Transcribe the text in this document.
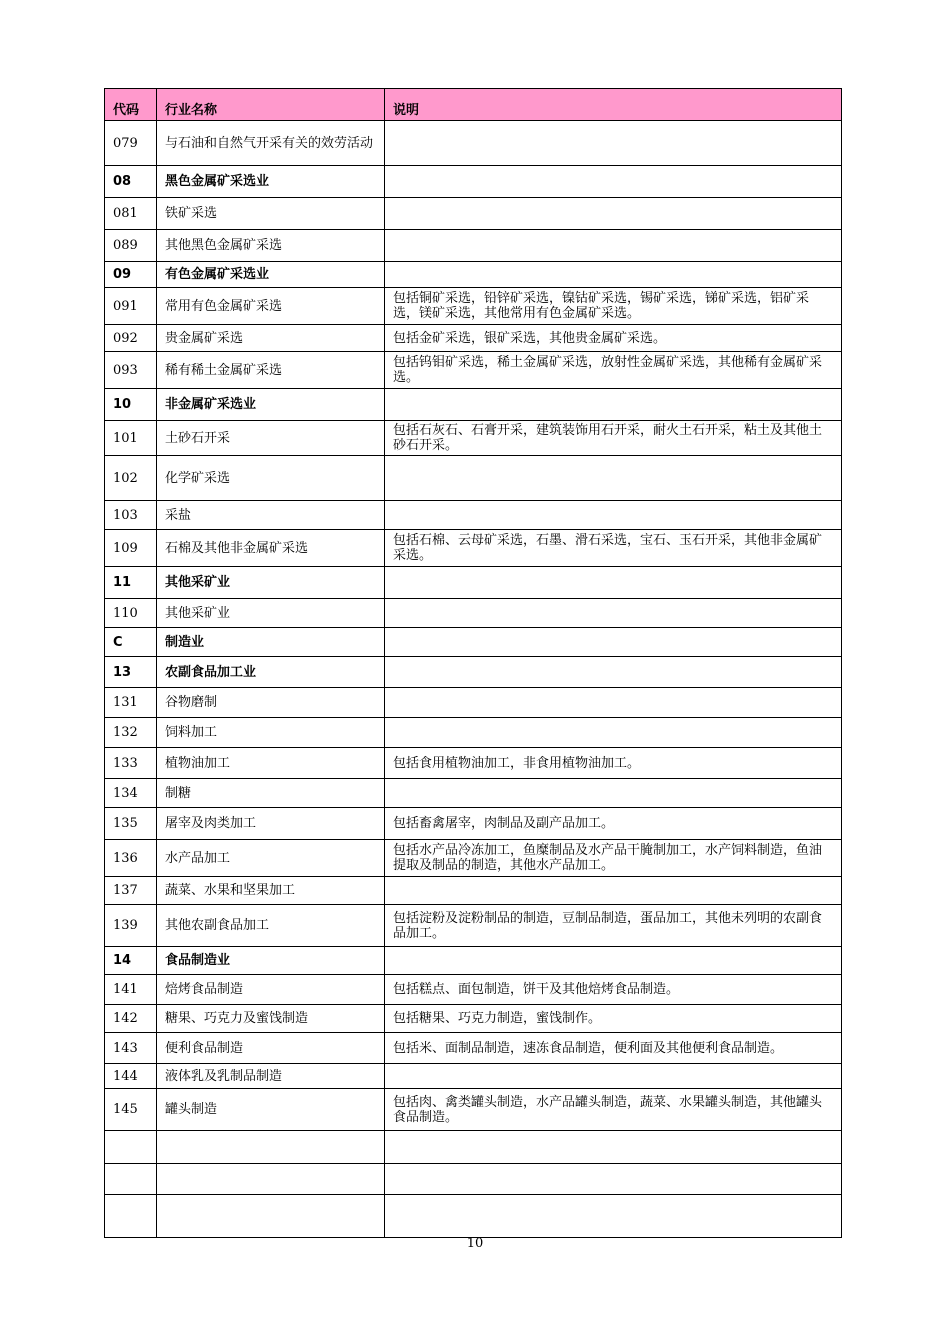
代码	行业名称	说明
079	与石油和自然气开采有关的效劳活动	
08	黑色金属矿采选业	
081	铁矿采选	
089	其他黑色金属矿采选	
09	有色金属矿采选业	
091	常用有色金属矿采选	包括铜矿采选，铅锌矿采选，镍钴矿采选，锡矿采选，锑矿采选，铝矿采选，镁矿采选，其他常用有色金属矿采选。
092	贵金属矿采选	包括金矿采选，银矿采选，其他贵金属矿采选。
093	稀有稀土金属矿采选	包括钨钼矿采选，稀土金属矿采选，放射性金属矿采选，其他稀有金属矿采选。
10	非金属矿采选业	
101	土砂石开采	包括石灰石、石膏开采，建筑装饰用石开采，耐火土石开采，粘土及其他土砂石开采。
102	化学矿采选	
103	采盐	
109	石棉及其他非金属矿采选	包括石棉、云母矿采选，石墨、滑石采选，宝石、玉石开采，其他非金属矿采选。
11	其他采矿业	
110	其他采矿业	
C	制造业	
13	农副食品加工业	
131	谷物磨制	
132	饲料加工	
133	植物油加工	包括食用植物油加工，非食用植物油加工。
134	制糖	
135	屠宰及肉类加工	包括畜禽屠宰，肉制品及副产品加工。
136	水产品加工	包括水产品冷冻加工，鱼糜制品及水产品干腌制加工，水产饲料制造，鱼油提取及制品的制造，其他水产品加工。
137	蔬菜、水果和坚果加工	
139	其他农副食品加工	包括淀粉及淀粉制品的制造，豆制品制造，蛋品加工，其他未列明的农副食品加工。
14	食品制造业	
141	焙烤食品制造	包括糕点、面包制造，饼干及其他焙烤食品制造。
142	糖果、巧克力及蜜饯制造	包括糖果、巧克力制造，蜜饯制作。
143	便利食品制造	包括米、面制品制造，速冻食品制造，便利面及其他便利食品制造。
144	液体乳及乳制品制造	
145	罐头制造	包括肉、禽类罐头制造，水产品罐头制造，蔬菜、水果罐头制造，其他罐头食品制造。

10
